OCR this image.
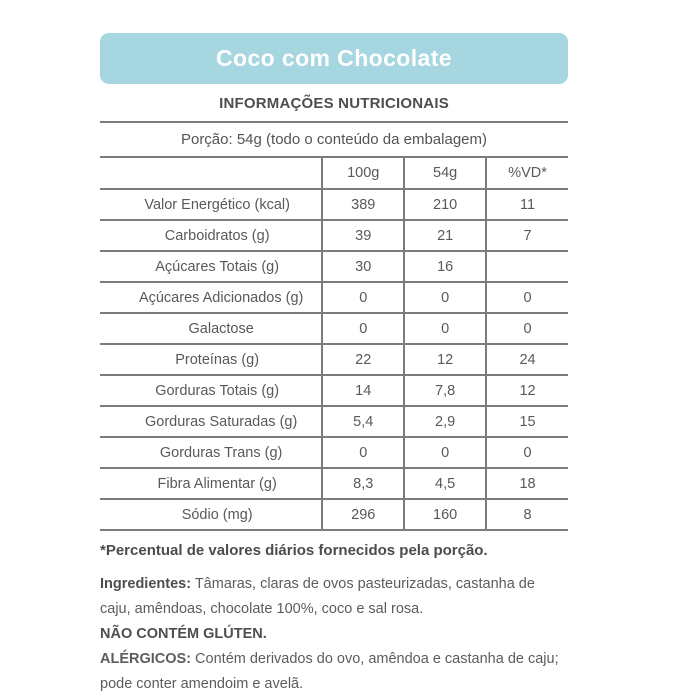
Coco com Chocolate
INFORMAÇÕES NUTRICIONAIS
Porção: 54g (todo o conteúdo da embalagem)
	100g	54g	%VD*
Valor Energético (kcal)	389	210	11
Carboidratos (g)	39	21	7
Açúcares Totais (g)	30	16	
Açúcares Adicionados (g)	0	0	0
Galactose	0	0	0
Proteínas (g)	22	12	24
Gorduras Totais (g)	14	7,8	12
Gorduras Saturadas (g)	5,4	2,9	15
Gorduras Trans (g)	0	0	0
Fibra Alimentar (g)	8,3	4,5	18
Sódio (mg)	296	160	8
*Percentual de valores diários fornecidos pela porção.
Ingredientes: Tâmaras, claras de ovos pasteurizadas, castanha de caju, amêndoas, chocolate 100%, coco e sal rosa.
NÃO CONTÉM GLÚTEN.
ALÉRGICOS: Contém derivados do ovo, amêndoa e castanha de caju; pode conter amendoim e avelã.
